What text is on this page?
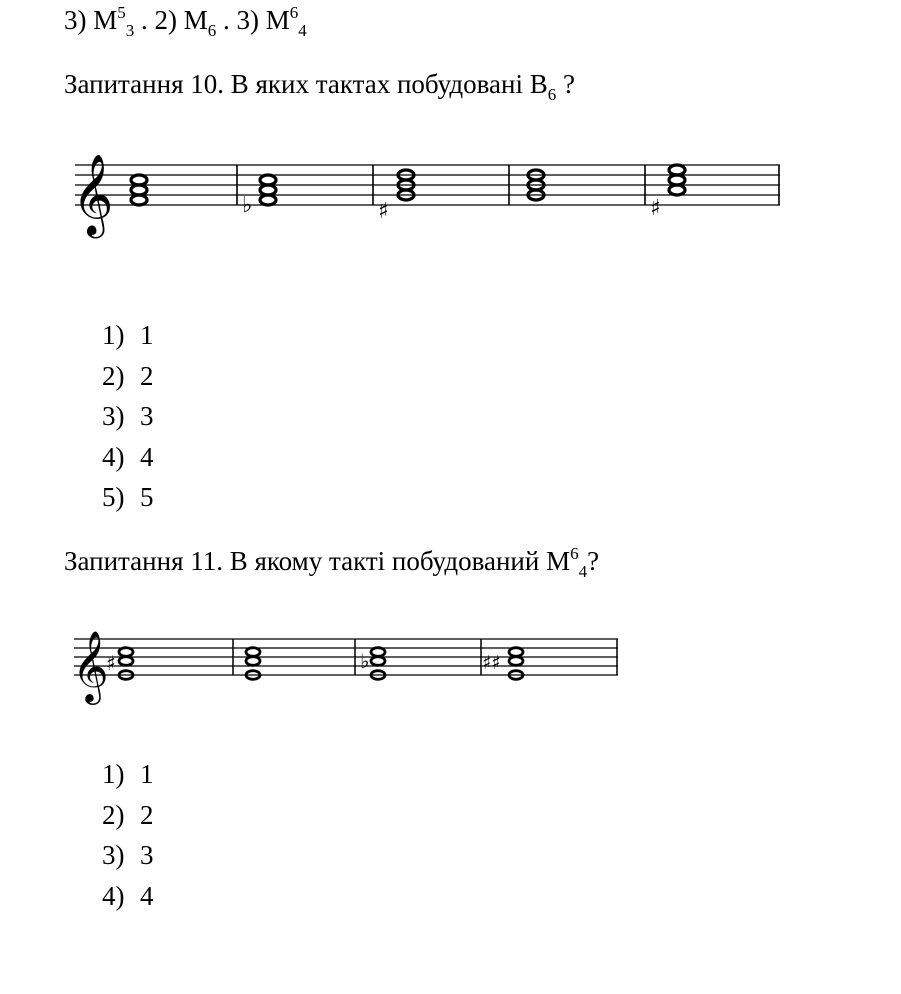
3) $M^5_3$ . 2) $M_6$ . 3) $M^6_4$
Запитання 10. В яких тактах побудовані $B_6$ ?
𝄞	♭	♯	♯
1) 1
2) 2
3) 3
4) 4
5) 5
Запитання 11. В якому такті побудований $M^6_4$?
𝄞
♯	♭	♯♯
1) 1
2) 2
3) 3
4) 4
